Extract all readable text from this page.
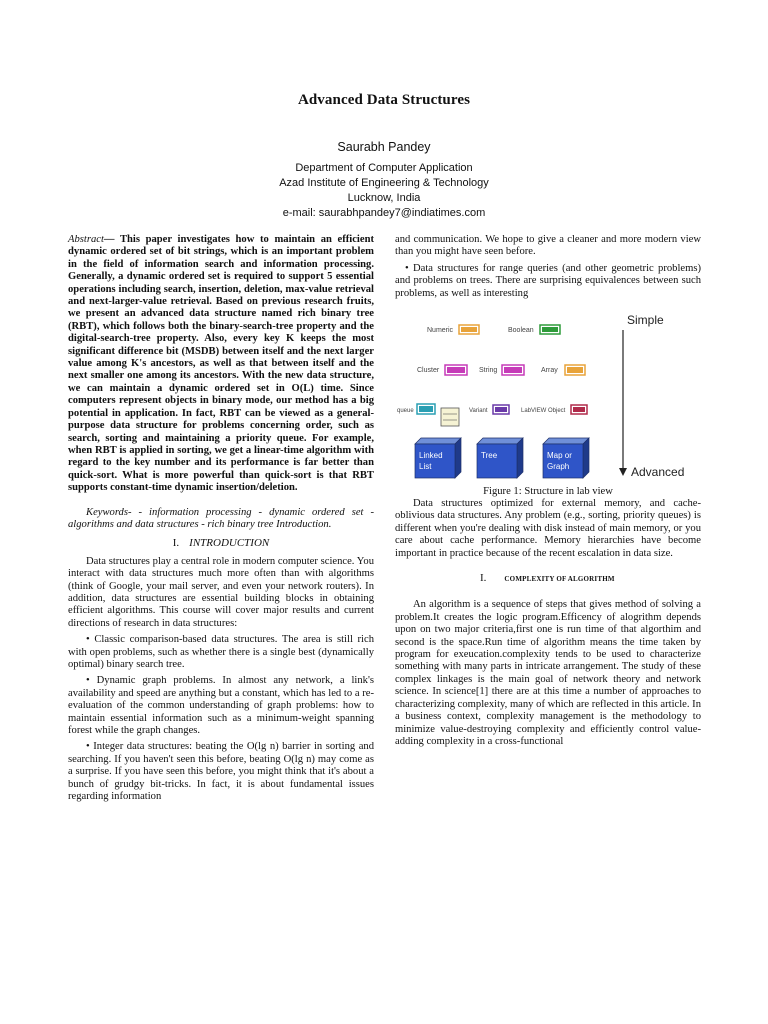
Advanced Data Structures
Saurabh Pandey
Department of Computer Application
Azad Institute of Engineering & Technology
Lucknow, India
e-mail: saurabhpandey7@indiatimes.com

Abstract— This paper investigates how to maintain an efficient dynamic ordered set of bit strings, which is an important problem in the field of information search and information processing. Generally, a dynamic ordered set is required to support 5 essential operations including search, insertion, deletion, max-value retrieval and next-larger-value retrieval. Based on previous research fruits, we present an advanced data structure named rich binary tree (RBT), which follows both the binary-search-tree property and the digital-search-tree property. Also, every key K keeps the most significant difference bit (MSDB) between itself and the next larger value among K's ancestors, as well as that between itself and the next smaller one among its ancestors. With the new data structure, we can maintain a dynamic ordered set in O(L) time. Since computers represent objects in binary mode, our method has a big potential in application. In fact, RBT can be viewed as a general-purpose data structure for problems concerning order, such as search, sorting and maintaining a priority queue. For example, when RBT is applied in sorting, we get a linear-time algorithm with regard to the key number and its performance is far better than quick-sort. What is more powerful than quick-sort is that RBT supports constant-time dynamic insertion/deletion.

Keywords- - information processing - dynamic ordered set - algorithms and data structures - rich binary tree Introduction.

I. INTRODUCTION

Data structures play a central role in modern computer science. You interact with data structures much more often than with algorithms (think of Google, your mail server, and even your network routers). In addition, data structures are essential building blocks in obtaining efficient algorithms. This course will cover major results and current directions of research in data structures:

• Classic comparison-based data structures. The area is still rich with open problems, such as whether there is a single best (dynamically optimal) binary search tree.

• Dynamic graph problems. In almost any network, a link's availability and speed are anything but a constant, which has led to a re-evaluation of the common understanding of graph problems: how to maintain essential information such as a minimum-weight spanning forest while the graph changes.

• Integer data structures: beating the O(lg n) barrier in sorting and searching. If you haven't seen this before, beating O(lg n) may come as a surprise. If you have seen this before, you might think that it's about a bunch of grudgy bit-tricks. In fact, it is about fundamental issues regarding information

and communication. We hope to give a cleaner and more modern view than you might have seen before.

• Data structures for range queries (and other geometric problems) and problems on trees. There are surprising equivalences between such problems, as well as interesting

Simple
Advanced
Numeric	Boolean
Cluster	String	Array
queue	Variant	LabVIEW Object
Linked
List
Tree	Map or
Graph
Figure 1: Structure in lab view

Data structures optimized for external memory, and cache-oblivious data structures. Any problem (e.g., sorting, priority queues) is different when you're dealing with disk instead of main memory, or you care about cache performance. Memory hierarchies have become important in practice because of the recent escalation in data size.

I.	COMPLEXITY OF ALGORITHM

An algorithm is a sequence of steps that gives method of solving a problem.It creates the logic program.Efficency of alogrithm depends upon on two major criteria,first one is run time of that algorthim and second is the space.Run time of algorithm means the time taken by program for exeucation.complexity tends to be used to characterize something with many parts in intricate arrangement. The study of these complex linkages is the main goal of network theory and network science. In science[1] there are at this time a number of approaches to characterizing complexity, many of which are reflected in this article. In a business context, complexity management is the methodology to minimize value-destroying complexity and efficiently control value-adding complexity in a cross-functional
